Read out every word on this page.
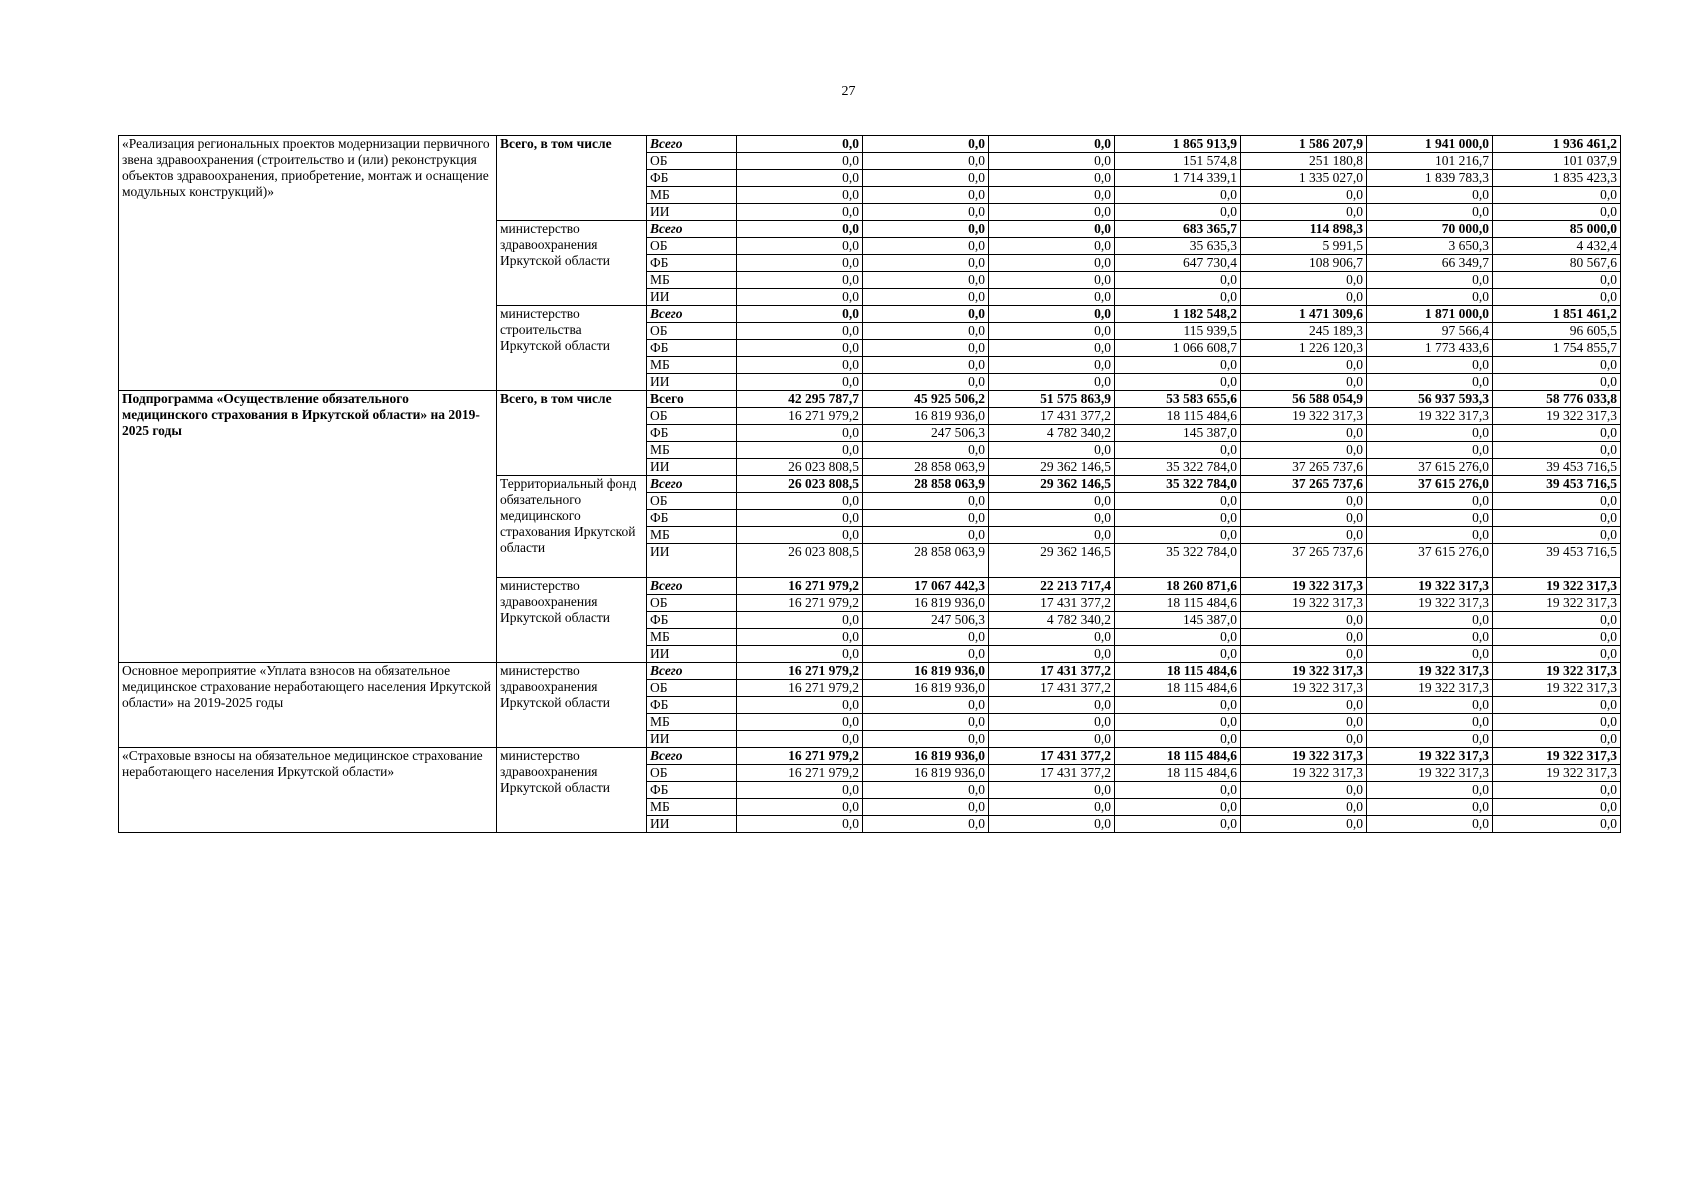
27
«Реализация региональных проектов модернизации первичного звена здравоохранения (строительство и (или) реконструкция объектов здравоохранения, приобретение, монтаж и оснащение модульных конструкций)»	Всего, в том числе	Всего	0,0	0,0	0,0	1 865 913,9	1 586 207,9	1 941 000,0	1 936 461,2
		ОБ	0,0	0,0	0,0	151 574,8	251 180,8	101 216,7	101 037,9
		ФБ	0,0	0,0	0,0	1 714 339,1	1 335 027,0	1 839 783,3	1 835 423,3
		МБ	0,0	0,0	0,0	0,0	0,0	0,0	0,0
		ИИ	0,0	0,0	0,0	0,0	0,0	0,0	0,0
	министерство здравоохранения Иркутской области	Всего	0,0	0,0	0,0	683 365,7	114 898,3	70 000,0	85 000,0
		ОБ	0,0	0,0	0,0	35 635,3	5 991,5	3 650,3	4 432,4
		ФБ	0,0	0,0	0,0	647 730,4	108 906,7	66 349,7	80 567,6
		МБ	0,0	0,0	0,0	0,0	0,0	0,0	0,0
		ИИ	0,0	0,0	0,0	0,0	0,0	0,0	0,0
	министерство строительства Иркутской области	Всего	0,0	0,0	0,0	1 182 548,2	1 471 309,6	1 871 000,0	1 851 461,2
		ОБ	0,0	0,0	0,0	115 939,5	245 189,3	97 566,4	96 605,5
		ФБ	0,0	0,0	0,0	1 066 608,7	1 226 120,3	1 773 433,6	1 754 855,7
		МБ	0,0	0,0	0,0	0,0	0,0	0,0	0,0
		ИИ	0,0	0,0	0,0	0,0	0,0	0,0	0,0
Подпрограмма «Осуществление обязательного медицинского страхования в Иркутской области» на 2019-2025 годы	Всего, в том числе	Всего	42 295 787,7	45 925 506,2	51 575 863,9	53 583 655,6	56 588 054,9	56 937 593,3	58 776 033,8
		ОБ	16 271 979,2	16 819 936,0	17 431 377,2	18 115 484,6	19 322 317,3	19 322 317,3	19 322 317,3
		ФБ	0,0	247 506,3	4 782 340,2	145 387,0	0,0	0,0	0,0
		МБ	0,0	0,0	0,0	0,0	0,0	0,0	0,0
		ИИ	26 023 808,5	28 858 063,9	29 362 146,5	35 322 784,0	37 265 737,6	37 615 276,0	39 453 716,5
	Территориальный фонд обязательного медицинского страхования Иркутской области	Всего	26 023 808,5	28 858 063,9	29 362 146,5	35 322 784,0	37 265 737,6	37 615 276,0	39 453 716,5
		ОБ	0,0	0,0	0,0	0,0	0,0	0,0	0,0
		ФБ	0,0	0,0	0,0	0,0	0,0	0,0	0,0
		МБ	0,0	0,0	0,0	0,0	0,0	0,0	0,0
		ИИ	26 023 808,5	28 858 063,9	29 362 146,5	35 322 784,0	37 265 737,6	37 615 276,0	39 453 716,5
	министерство здравоохранения Иркутской области	Всего	16 271 979,2	17 067 442,3	22 213 717,4	18 260 871,6	19 322 317,3	19 322 317,3	19 322 317,3
		ОБ	16 271 979,2	16 819 936,0	17 431 377,2	18 115 484,6	19 322 317,3	19 322 317,3	19 322 317,3
		ФБ	0,0	247 506,3	4 782 340,2	145 387,0	0,0	0,0	0,0
		МБ	0,0	0,0	0,0	0,0	0,0	0,0	0,0
		ИИ	0,0	0,0	0,0	0,0	0,0	0,0	0,0
Основное мероприятие «Уплата взносов на обязательное медицинское страхование неработающего населения Иркутской области» на 2019-2025 годы	министерство здравоохранения Иркутской области	Всего	16 271 979,2	16 819 936,0	17 431 377,2	18 115 484,6	19 322 317,3	19 322 317,3	19 322 317,3
		ОБ	16 271 979,2	16 819 936,0	17 431 377,2	18 115 484,6	19 322 317,3	19 322 317,3	19 322 317,3
		ФБ	0,0	0,0	0,0	0,0	0,0	0,0	0,0
		МБ	0,0	0,0	0,0	0,0	0,0	0,0	0,0
		ИИ	0,0	0,0	0,0	0,0	0,0	0,0	0,0
«Страховые взносы на обязательное медицинское страхование неработающего населения Иркутской области»	министерство здравоохранения Иркутской области	Всего	16 271 979,2	16 819 936,0	17 431 377,2	18 115 484,6	19 322 317,3	19 322 317,3	19 322 317,3
		ОБ	16 271 979,2	16 819 936,0	17 431 377,2	18 115 484,6	19 322 317,3	19 322 317,3	19 322 317,3
		ФБ	0,0	0,0	0,0	0,0	0,0	0,0	0,0
		МБ	0,0	0,0	0,0	0,0	0,0	0,0	0,0
		ИИ	0,0	0,0	0,0	0,0	0,0	0,0	0,0
